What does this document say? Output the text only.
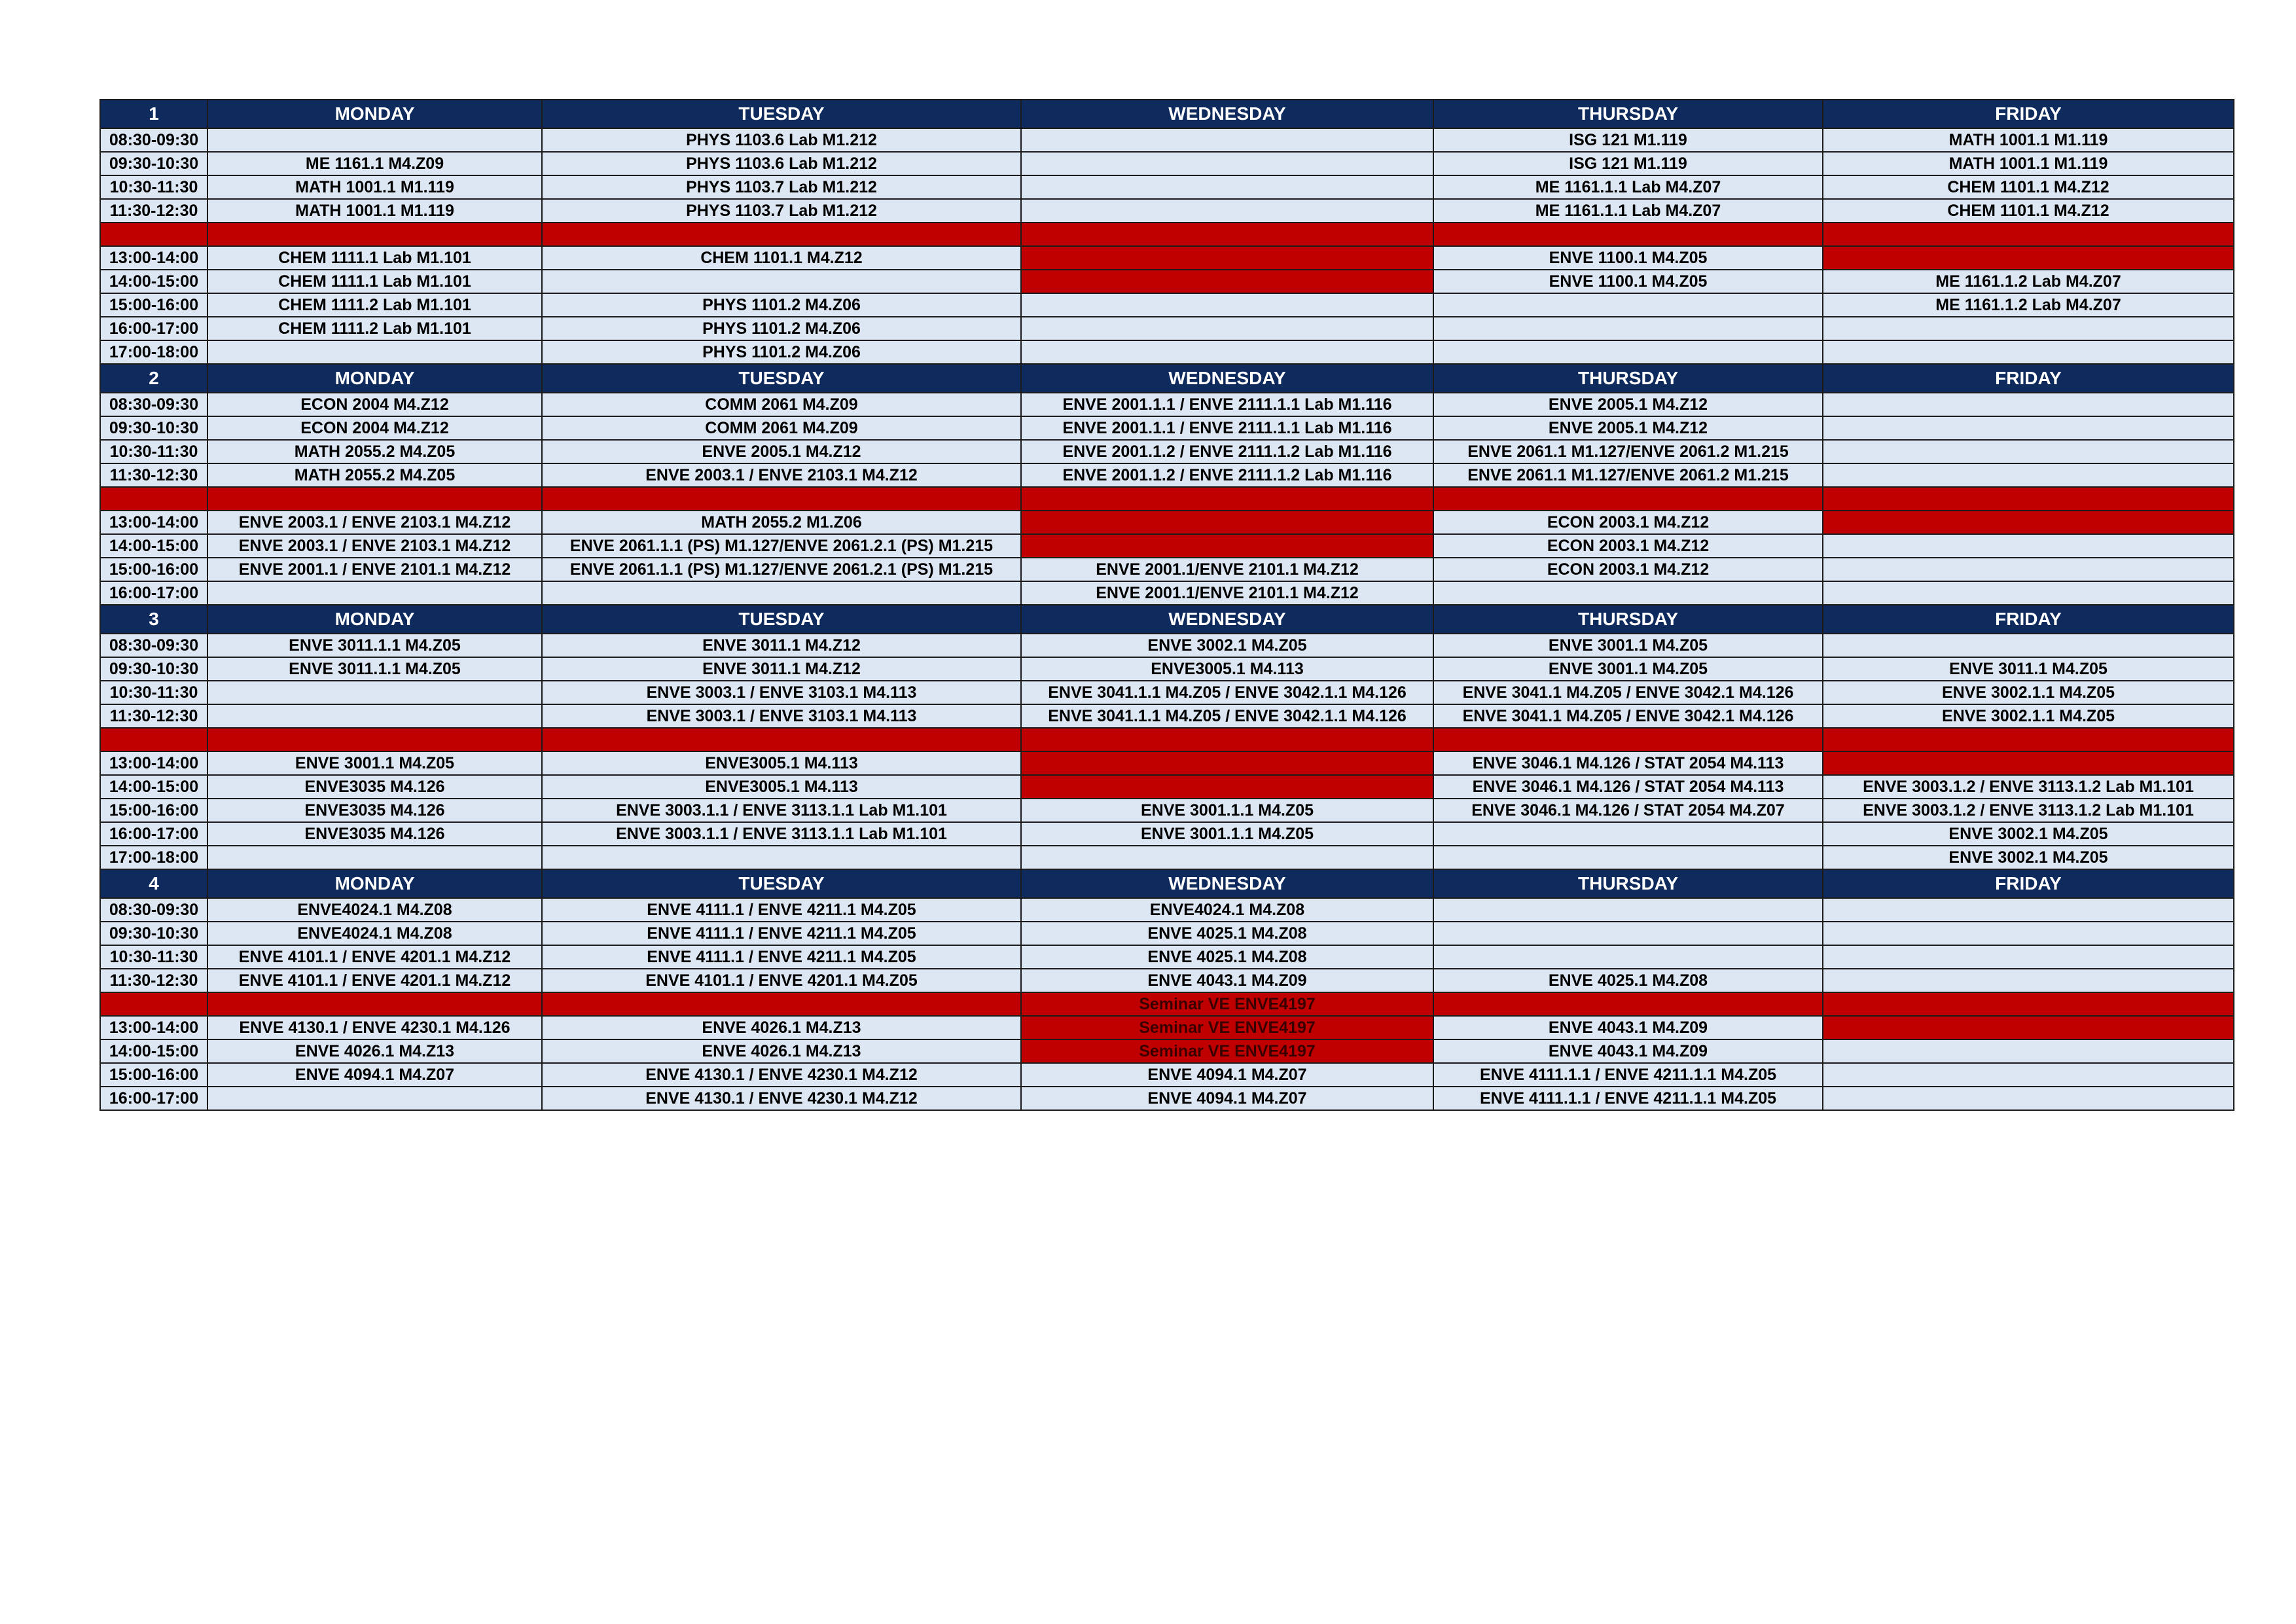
1	MONDAY	TUESDAY	WEDNESDAY	THURSDAY	FRIDAY
08:30-09:30		PHYS 1103.6 Lab M1.212		ISG 121 M1.119	MATH 1001.1 M1.119
09:30-10:30	ME 1161.1 M4.Z09	PHYS 1103.6 Lab M1.212		ISG 121 M1.119	MATH 1001.1 M1.119
10:30-11:30	MATH 1001.1 M1.119	PHYS 1103.7 Lab M1.212		ME 1161.1.1 Lab M4.Z07	CHEM 1101.1 M4.Z12
11:30-12:30	MATH 1001.1 M1.119	PHYS 1103.7 Lab M1.212		ME 1161.1.1 Lab M4.Z07	CHEM 1101.1 M4.Z12

13:00-14:00	CHEM 1111.1 Lab M1.101	CHEM 1101.1 M4.Z12		ENVE 1100.1 M4.Z05	
14:00-15:00	CHEM 1111.1 Lab M1.101			ENVE 1100.1 M4.Z05	ME 1161.1.2 Lab M4.Z07
15:00-16:00	CHEM 1111.2 Lab M1.101	PHYS 1101.2 M4.Z06			ME 1161.1.2 Lab M4.Z07
16:00-17:00	CHEM 1111.2 Lab M1.101	PHYS 1101.2 M4.Z06			
17:00-18:00		PHYS 1101.2 M4.Z06			
2	MONDAY	TUESDAY	WEDNESDAY	THURSDAY	FRIDAY
08:30-09:30	ECON 2004 M4.Z12	COMM 2061 M4.Z09	ENVE 2001.1.1 / ENVE 2111.1.1 Lab M1.116	ENVE 2005.1 M4.Z12	
09:30-10:30	ECON 2004 M4.Z12	COMM 2061 M4.Z09	ENVE 2001.1.1 / ENVE 2111.1.1 Lab M1.116	ENVE 2005.1 M4.Z12	
10:30-11:30	MATH 2055.2 M4.Z05	ENVE 2005.1 M4.Z12	ENVE 2001.1.2 / ENVE 2111.1.2 Lab M1.116	ENVE 2061.1 M1.127/ENVE 2061.2 M1.215	
11:30-12:30	MATH 2055.2 M4.Z05	ENVE 2003.1 / ENVE 2103.1 M4.Z12	ENVE 2001.1.2 / ENVE 2111.1.2 Lab M1.116	ENVE 2061.1 M1.127/ENVE 2061.2 M1.215	

13:00-14:00	ENVE 2003.1 / ENVE 2103.1 M4.Z12	MATH 2055.2 M1.Z06		ECON 2003.1 M4.Z12	
14:00-15:00	ENVE 2003.1 / ENVE 2103.1 M4.Z12	ENVE 2061.1.1 (PS) M1.127/ENVE 2061.2.1 (PS) M1.215		ECON 2003.1 M4.Z12	
15:00-16:00	ENVE 2001.1 / ENVE 2101.1 M4.Z12	ENVE 2061.1.1 (PS) M1.127/ENVE 2061.2.1 (PS) M1.215	ENVE 2001.1/ENVE 2101.1 M4.Z12	ECON 2003.1 M4.Z12	
16:00-17:00			ENVE 2001.1/ENVE 2101.1 M4.Z12		
3	MONDAY	TUESDAY	WEDNESDAY	THURSDAY	FRIDAY
08:30-09:30	ENVE 3011.1.1 M4.Z05	ENVE 3011.1 M4.Z12	ENVE 3002.1 M4.Z05	ENVE 3001.1 M4.Z05	
09:30-10:30	ENVE 3011.1.1 M4.Z05	ENVE 3011.1 M4.Z12	ENVE3005.1 M4.113	ENVE 3001.1 M4.Z05	ENVE 3011.1 M4.Z05
10:30-11:30		ENVE 3003.1 / ENVE 3103.1 M4.113	ENVE 3041.1.1 M4.Z05 / ENVE 3042.1.1 M4.126	ENVE 3041.1 M4.Z05 / ENVE 3042.1 M4.126	ENVE 3002.1.1 M4.Z05
11:30-12:30		ENVE 3003.1 / ENVE 3103.1 M4.113	ENVE 3041.1.1 M4.Z05 / ENVE 3042.1.1 M4.126	ENVE 3041.1 M4.Z05 / ENVE 3042.1 M4.126	ENVE 3002.1.1 M4.Z05

13:00-14:00	ENVE 3001.1 M4.Z05	ENVE3005.1 M4.113		ENVE 3046.1 M4.126 / STAT 2054 M4.113	
14:00-15:00	ENVE3035 M4.126	ENVE3005.1 M4.113		ENVE 3046.1 M4.126 / STAT 2054 M4.113	ENVE 3003.1.2 / ENVE 3113.1.2 Lab M1.101
15:00-16:00	ENVE3035 M4.126	ENVE 3003.1.1 / ENVE 3113.1.1 Lab M1.101	ENVE 3001.1.1 M4.Z05	ENVE 3046.1 M4.126 / STAT 2054 M4.Z07	ENVE 3003.1.2 / ENVE 3113.1.2 Lab M1.101
16:00-17:00	ENVE3035 M4.126	ENVE 3003.1.1 / ENVE 3113.1.1 Lab M1.101	ENVE 3001.1.1 M4.Z05		ENVE 3002.1 M4.Z05
17:00-18:00					ENVE 3002.1 M4.Z05
4	MONDAY	TUESDAY	WEDNESDAY	THURSDAY	FRIDAY
08:30-09:30	ENVE4024.1 M4.Z08	ENVE 4111.1 / ENVE 4211.1 M4.Z05	ENVE4024.1 M4.Z08		
09:30-10:30	ENVE4024.1 M4.Z08	ENVE 4111.1 / ENVE 4211.1 M4.Z05	ENVE 4025.1 M4.Z08		
10:30-11:30	ENVE 4101.1 / ENVE 4201.1 M4.Z12	ENVE 4111.1 / ENVE 4211.1 M4.Z05	ENVE 4025.1 M4.Z08		
11:30-12:30	ENVE 4101.1 / ENVE 4201.1 M4.Z12	ENVE 4101.1 / ENVE 4201.1 M4.Z05	ENVE 4043.1 M4.Z09	ENVE 4025.1 M4.Z08	
			Seminar VE ENVE4197		
13:00-14:00	ENVE 4130.1 / ENVE 4230.1 M4.126	ENVE 4026.1 M4.Z13	Seminar VE ENVE4197	ENVE 4043.1 M4.Z09	
14:00-15:00	ENVE 4026.1 M4.Z13	ENVE 4026.1 M4.Z13	Seminar VE ENVE4197	ENVE 4043.1 M4.Z09	
15:00-16:00	ENVE 4094.1 M4.Z07	ENVE 4130.1 / ENVE 4230.1 M4.Z12	ENVE 4094.1 M4.Z07	ENVE 4111.1.1 / ENVE 4211.1.1 M4.Z05	
16:00-17:00		ENVE 4130.1 / ENVE 4230.1 M4.Z12	ENVE 4094.1 M4.Z07	ENVE 4111.1.1 / ENVE 4211.1.1 M4.Z05	
